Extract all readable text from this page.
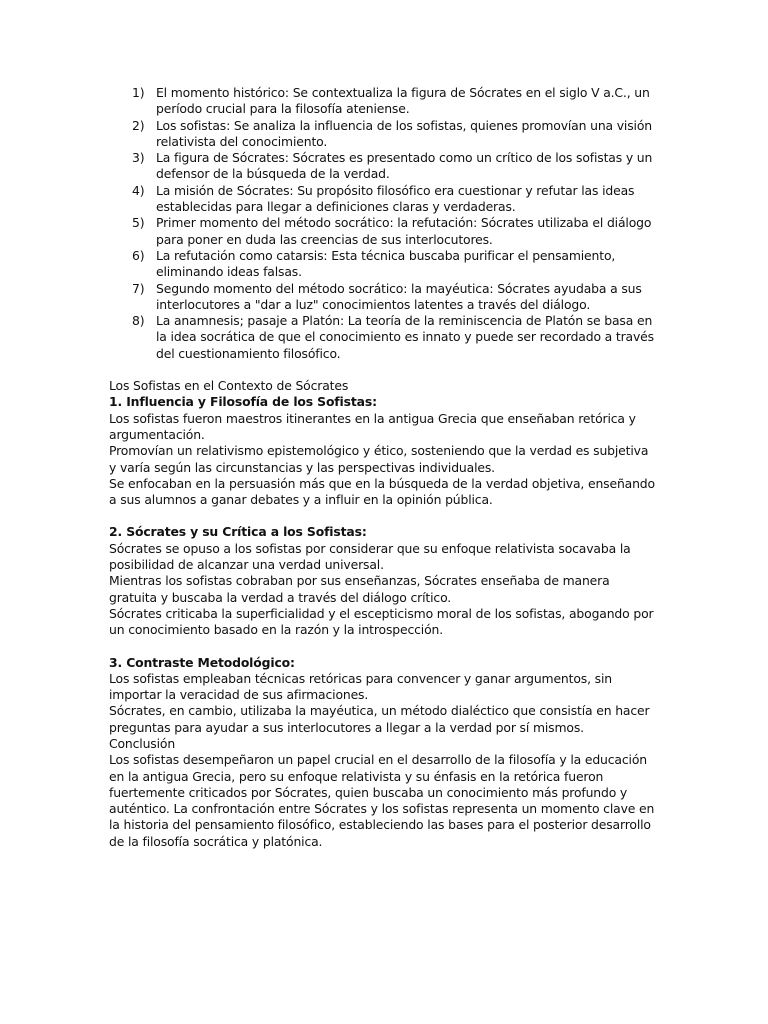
1) El momento histórico: Se contextualiza la figura de Sócrates en el siglo V a.C., un período crucial para la filosofía ateniense.
2) Los sofistas: Se analiza la influencia de los sofistas, quienes promovían una visión relativista del conocimiento.
3) La figura de Sócrates: Sócrates es presentado como un crítico de los sofistas y un defensor de la búsqueda de la verdad.
4) La misión de Sócrates: Su propósito filosófico era cuestionar y refutar las ideas establecidas para llegar a definiciones claras y verdaderas.
5) Primer momento del método socrático: la refutación: Sócrates utilizaba el diálogo para poner en duda las creencias de sus interlocutores.
6) La refutación como catarsis: Esta técnica buscaba purificar el pensamiento, eliminando ideas falsas.
7) Segundo momento del método socrático: la mayéutica: Sócrates ayudaba a sus interlocutores a "dar a luz" conocimientos latentes a través del diálogo.
8) La anamnesis; pasaje a Platón: La teoría de la reminiscencia de Platón se basa en la idea socrática de que el conocimiento es innato y puede ser recordado a través del cuestionamiento filosófico.

Los Sofistas en el Contexto de Sócrates

1. Influencia y Filosofía de los Sofistas:

Los sofistas fueron maestros itinerantes en la antigua Grecia que enseñaban retórica y argumentación.

Promovían un relativismo epistemológico y ético, sosteniendo que la verdad es subjetiva y varía según las circunstancias y las perspectivas individuales.

Se enfocaban en la persuasión más que en la búsqueda de la verdad objetiva, enseñando a sus alumnos a ganar debates y a influir en la opinión pública.

2. Sócrates y su Crítica a los Sofistas:

Sócrates se opuso a los sofistas por considerar que su enfoque relativista socavaba la posibilidad de alcanzar una verdad universal.

Mientras los sofistas cobraban por sus enseñanzas, Sócrates enseñaba de manera gratuita y buscaba la verdad a través del diálogo crítico.

Sócrates criticaba la superficialidad y el escepticismo moral de los sofistas, abogando por un conocimiento basado en la razón y la introspección.

3. Contraste Metodológico:

Los sofistas empleaban técnicas retóricas para convencer y ganar argumentos, sin importar la veracidad de sus afirmaciones.

Sócrates, en cambio, utilizaba la mayéutica, un método dialéctico que consistía en hacer preguntas para ayudar a sus interlocutores a llegar a la verdad por sí mismos.

Conclusión

Los sofistas desempeñaron un papel crucial en el desarrollo de la filosofía y la educación en la antigua Grecia, pero su enfoque relativista y su énfasis en la retórica fueron fuertemente criticados por Sócrates, quien buscaba un conocimiento más profundo y auténtico. La confrontación entre Sócrates y los sofistas representa un momento clave en la historia del pensamiento filosófico, estableciendo las bases para el posterior desarrollo de la filosofía socrática y platónica.
